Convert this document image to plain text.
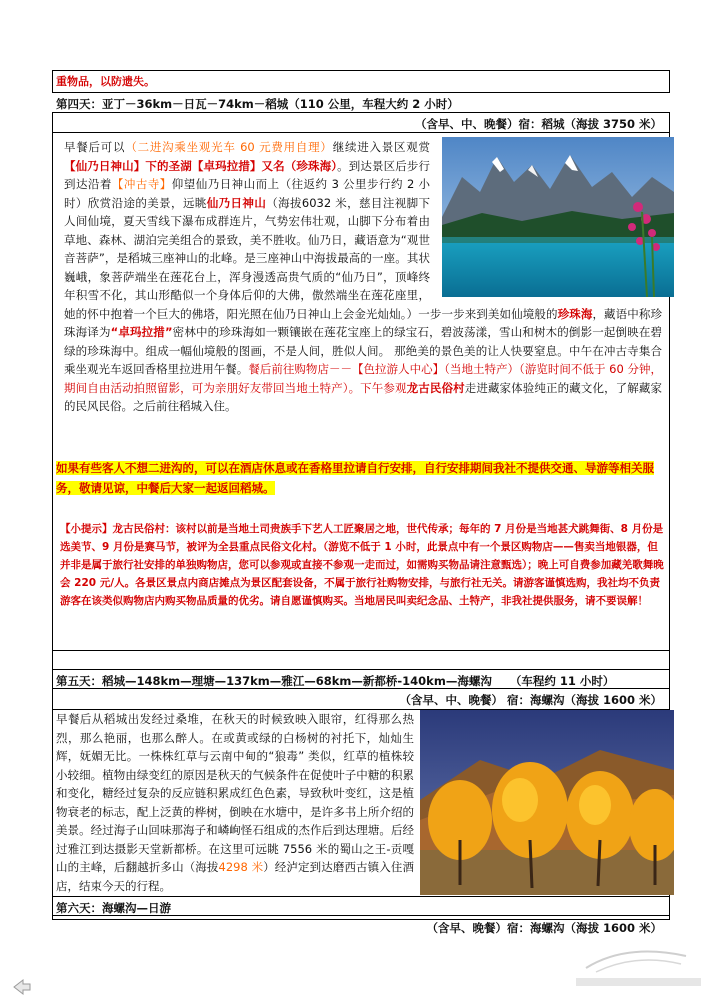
重物品，以防遗失。
第四天：亚丁－36km－日瓦－74km－稻城（110 公里，车程大约 2 小时）
（含早、中、晚餐）宿：稻城（海拔 3750 米）
早餐后可以（二进沟乘坐观光车 60 元费用自理）继续进入景区观赏【仙乃日神山】下的圣湖【卓玛拉措】又名（珍珠海）。到达景区后步行到达沿着【冲古寺】仰望仙乃日神山而上（往返约 3 公里步行约 2 小时）欣赏沿途的美景，远眺仙乃日神山（海拔6032 米，慈目注视脚下人间仙境，夏天雪线下瀑布成群连片，气势宏伟壮观，山脚下分布着由草地、森林、湖泊完美组合的景致，美不胜收。仙乃日，藏语意为“观世音菩萨”，是稻城三座神山的北峰。是三座神山中海拔最高的一座。其状巍峨，象菩萨端坐在莲花台上，浑身漫透高贵气质的“仙乃日”，顶峰终年积雪不化，其山形酷似一个身体后仰的大佛，傲然端坐在莲花座里，她的怀中抱着一个巨大的佛塔，阳光照在仙乃日神山上会金光灿灿。）一步一步来到美如仙境般的珍珠海，藏语中称珍珠海译为“卓玛拉措”密林中的珍珠海如一颗镶嵌在莲花宝座上的绿宝石，碧波荡漾，雪山和树木的倒影一起倒映在碧绿的珍珠海中。组成一幅仙境般的图画，不是人间，胜似人间。 那绝美的景色美的让人快要窒息。中午在冲古寺集合乘坐观光车返回香格里拉进用午餐。餐后前往购物店－－【色拉游人中心】（当地土特产）（游览时间不低于 60 分钟，期间自由活动拍照留影，可为亲朋好友带回当地土特产）。下午参观龙古民俗村走进藏家体验纯正的藏文化，了解藏家的民风民俗。之后前往稻城入住。
如果有些客人不想二进沟的，可以在酒店休息或在香格里拉请自行安排，自行安排期间我社不提供交通、导游等相关服务，敬请见谅，中餐后大家一起返回稻城。
【小提示】龙古民俗村：该村以前是当地土司贵族手下艺人工匠聚居之地，世代传承；每年的 7 月份是当地甚犬跳舞街、8 月份是选美节、9 月份是赛马节，被评为全县重点民俗文化村。（游览不低于 1 小时，此景点中有一个景区购物店——售卖当地银器，但并非是属于旅行社安排的单独购物店，您可以参观或直接不参观一走而过，如需购买物品请注意甄选）；晚上可自费参加藏羌歌舞晚会 220 元/人。各景区景点内商店摊点为景区配套设备，不属于旅行社购物安排，与旅行社无关。请游客谨慎选购，我社均不负责游客在该类似购物店内购买物品质量的优劣。请自愿谨慎购买。当地居民叫卖纪念品、土特产，非我社提供服务，请不要误解！
第五天：稻城—148km—理塘—137km—雅江—68km—新都桥-140km—海螺沟 （车程约 11 小时）
（含早、中、晚餐） 宿：海螺沟（海拔 1600 米）
早餐后从稻城出发经过桑堆，在秋天的时候致映入眼帘，红得那么热烈，那么艳丽，也那么醉人。在或黄或绿的白杨树的衬托下，灿灿生辉，妩媚无比。一株株红草与云南中甸的“狼毒” 类似，红草的植株较小较细。植物由绿变红的原因是秋天的气候条件在促使叶子中糖的积累和变化，糖经过复杂的反应链积累成红色色素，导致秋叶变红，这是植物衰老的标志，配上泛黄的桦树，倒映在水塘中，是许多书上所介绍的美景。经过海子山回味那海子和嶙峋怪石组成的杰作后到达理塘。后经过雅江到达摄影天堂新都桥。在这里可远眺 7556 米的蜀山之王-贡嘎山的主峰，后翻越折多山（海拔4298 米）经泸定到达磨西古镇入住酒店，结束今天的行程。
第六天：海螺沟—日游
（含早、晚餐）宿：海螺沟（海拔 1600 米）
